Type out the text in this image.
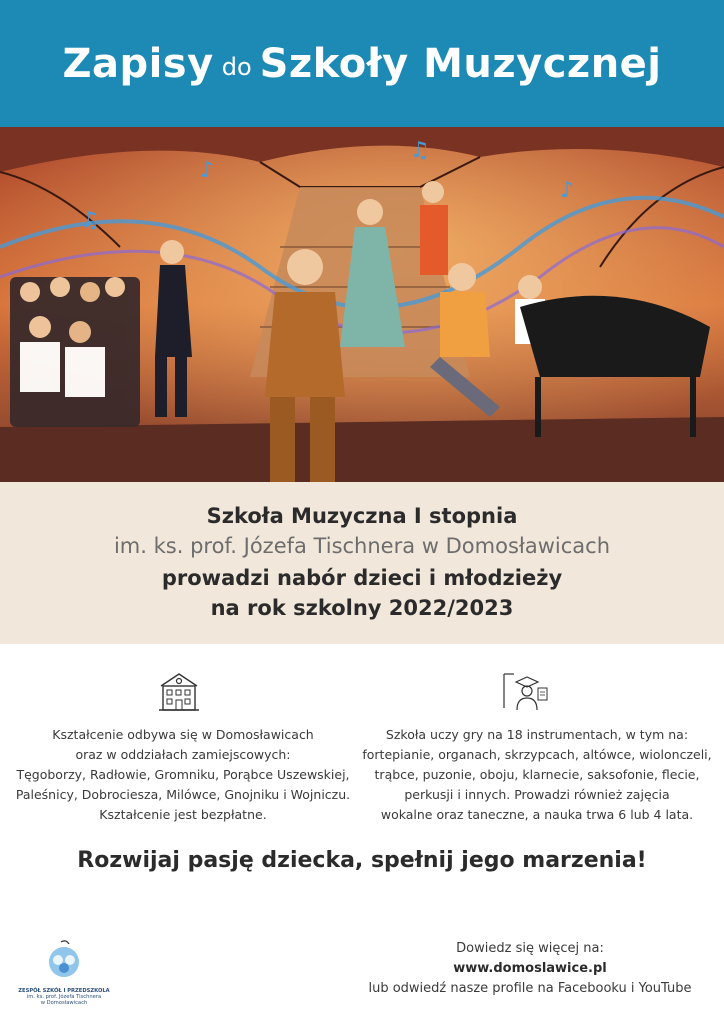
Zapisy do Szkoły Muzycznej
♪
♫
♪
♫
Szkoła Muzyczna I stopnia
im. ks. prof. Józefa Tischnera w Domosławicach
prowadzi nabór dzieci i młodzieży
na rok szkolny 2022/2023
Kształcenie odbywa się w Domosławicach
oraz w oddziałach zamiejscowych:
Tęgoborzy, Radłowie, Gromniku, Porąbce Uszewskiej,
Paleśnicy, Dobrociesza, Milówce, Gnojniku i Wojniczu.
Kształcenie jest bezpłatne.
Szkoła uczy gry na 18 instrumentach, w tym na:
fortepianie, organach, skrzypcach, altówce, wiolonczeli,
trąbce, puzonie, oboju, klarnecie, saksofonie, flecie,
perkusji i innych. Prowadzi również zajęcia
wokalne oraz taneczne, a nauka trwa 6 lub 4 lata.
Rozwijaj pasję dziecka, spełnij jego marzenia!
ZESPÓŁ SZKÓŁ I PRZEDSZKOLA
im. ks. prof. Józefa Tischnera
w Domosławicach
Dowiedz się więcej na:
www.domoslawice.pl
lub odwiedź nasze profile na Facebooku i YouTube
